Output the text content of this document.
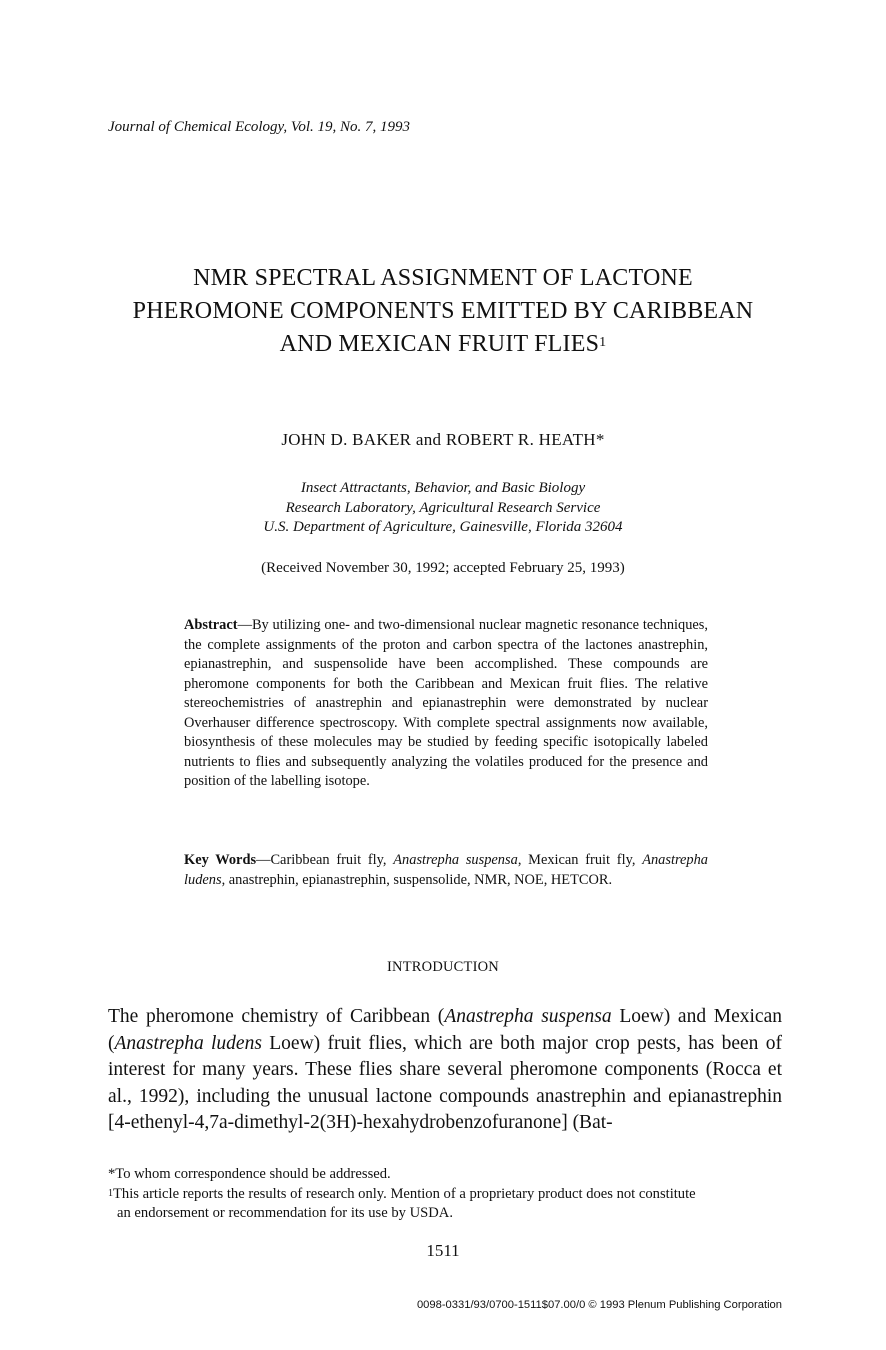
Journal of Chemical Ecology, Vol. 19, No. 7, 1993
NMR SPECTRAL ASSIGNMENT OF LACTONE
PHEROMONE COMPONENTS EMITTED BY CARIBBEAN
AND MEXICAN FRUIT FLIES$^1$
JOHN D. BAKER and ROBERT R. HEATH*
Insect Attractants, Behavior, and Basic Biology
Research Laboratory, Agricultural Research Service
U.S. Department of Agriculture, Gainesville, Florida 32604
(Received November 30, 1992; accepted February 25, 1993)
Abstract—By utilizing one- and two-dimensional nuclear magnetic resonance techniques, the complete assignments of the proton and carbon spectra of the lactones anastrephin, epianastrephin, and suspensolide have been accomplished. These compounds are pheromone components for both the Caribbean and Mexican fruit flies. The relative stereochemistries of anastrephin and epianastrephin were demonstrated by nuclear Overhauser difference spectroscopy. With complete spectral assignments now available, biosynthesis of these molecules may be studied by feeding specific isotopically labeled nutrients to flies and subsequently analyzing the volatiles produced for the presence and position of the labelling isotope.
Key Words—Caribbean fruit fly, Anastrepha suspensa, Mexican fruit fly, Anastrepha ludens, anastrephin, epianastrephin, suspensolide, NMR, NOE, HETCOR.
INTRODUCTION
The pheromone chemistry of Caribbean (Anastrepha suspensa Loew) and Mexican (Anastrepha ludens Loew) fruit flies, which are both major crop pests, has been of interest for many years. These flies share several pheromone components (Rocca et al., 1992), including the unusual lactone compounds anastrephin and epianastrephin [4-ethenyl-4,7a-dimethyl-2(3H)-hexahydrobenzofuranone] (Bat-
*To whom correspondence should be addressed.
$^1$This article reports the results of research only. Mention of a proprietary product does not constitute
an endorsement or recommendation for its use by USDA.
1511
0098-0331/93/0700-1511$07.00/0 © 1993 Plenum Publishing Corporation
